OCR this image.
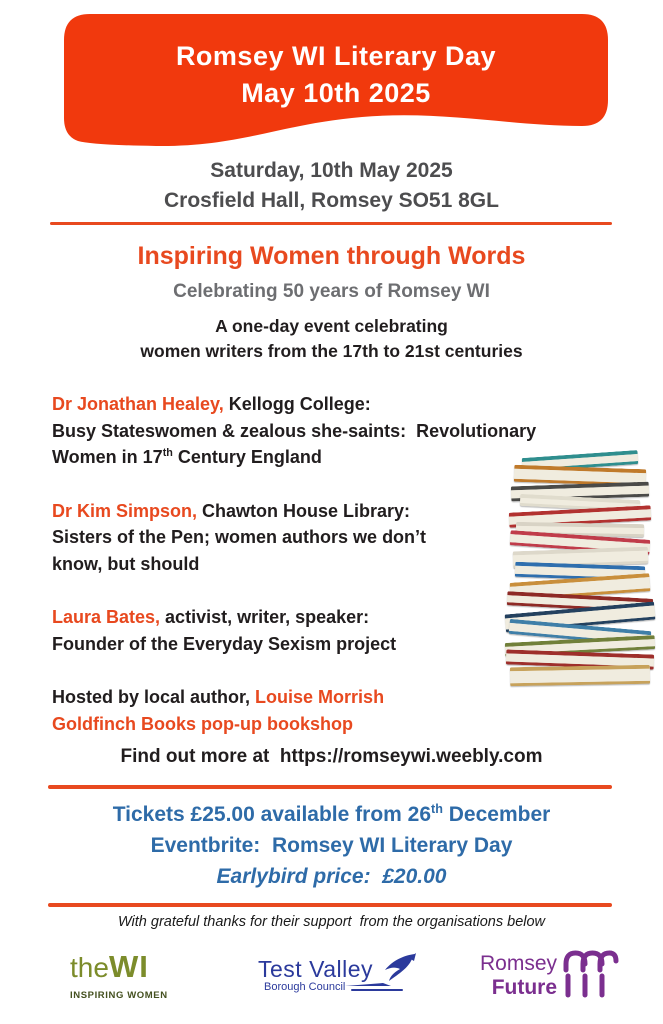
Romsey WI Literary Day
May 10th 2025
Saturday, 10th May 2025
Crosfield Hall, Romsey SO51 8GL
Inspiring Women through Words
Celebrating 50 years of Romsey WI
A one-day event celebrating
women writers from the 17th to 21st centuries
Dr Jonathan Healey, Kellogg College:
Busy Stateswomen & zealous she-saints:  Revolutionary
Women in 17th Century England
Dr Kim Simpson, Chawton House Library:
Sisters of the Pen; women authors we don’t
know, but should
Laura Bates, activist, writer, speaker:
Founder of the Everyday Sexism project
Hosted by local author, Louise Morrish
Goldfinch Books pop-up bookshop
Find out more at  https://romseywi.weebly.com
Tickets £25.00 available from 26th December
Eventbrite:  Romsey WI Literary Day
Earlybird price:  £20.00
With grateful thanks for their support  from the organisations below
theWI
INSPIRING WOMEN
Test Valley
Borough Council
Romsey
Future
